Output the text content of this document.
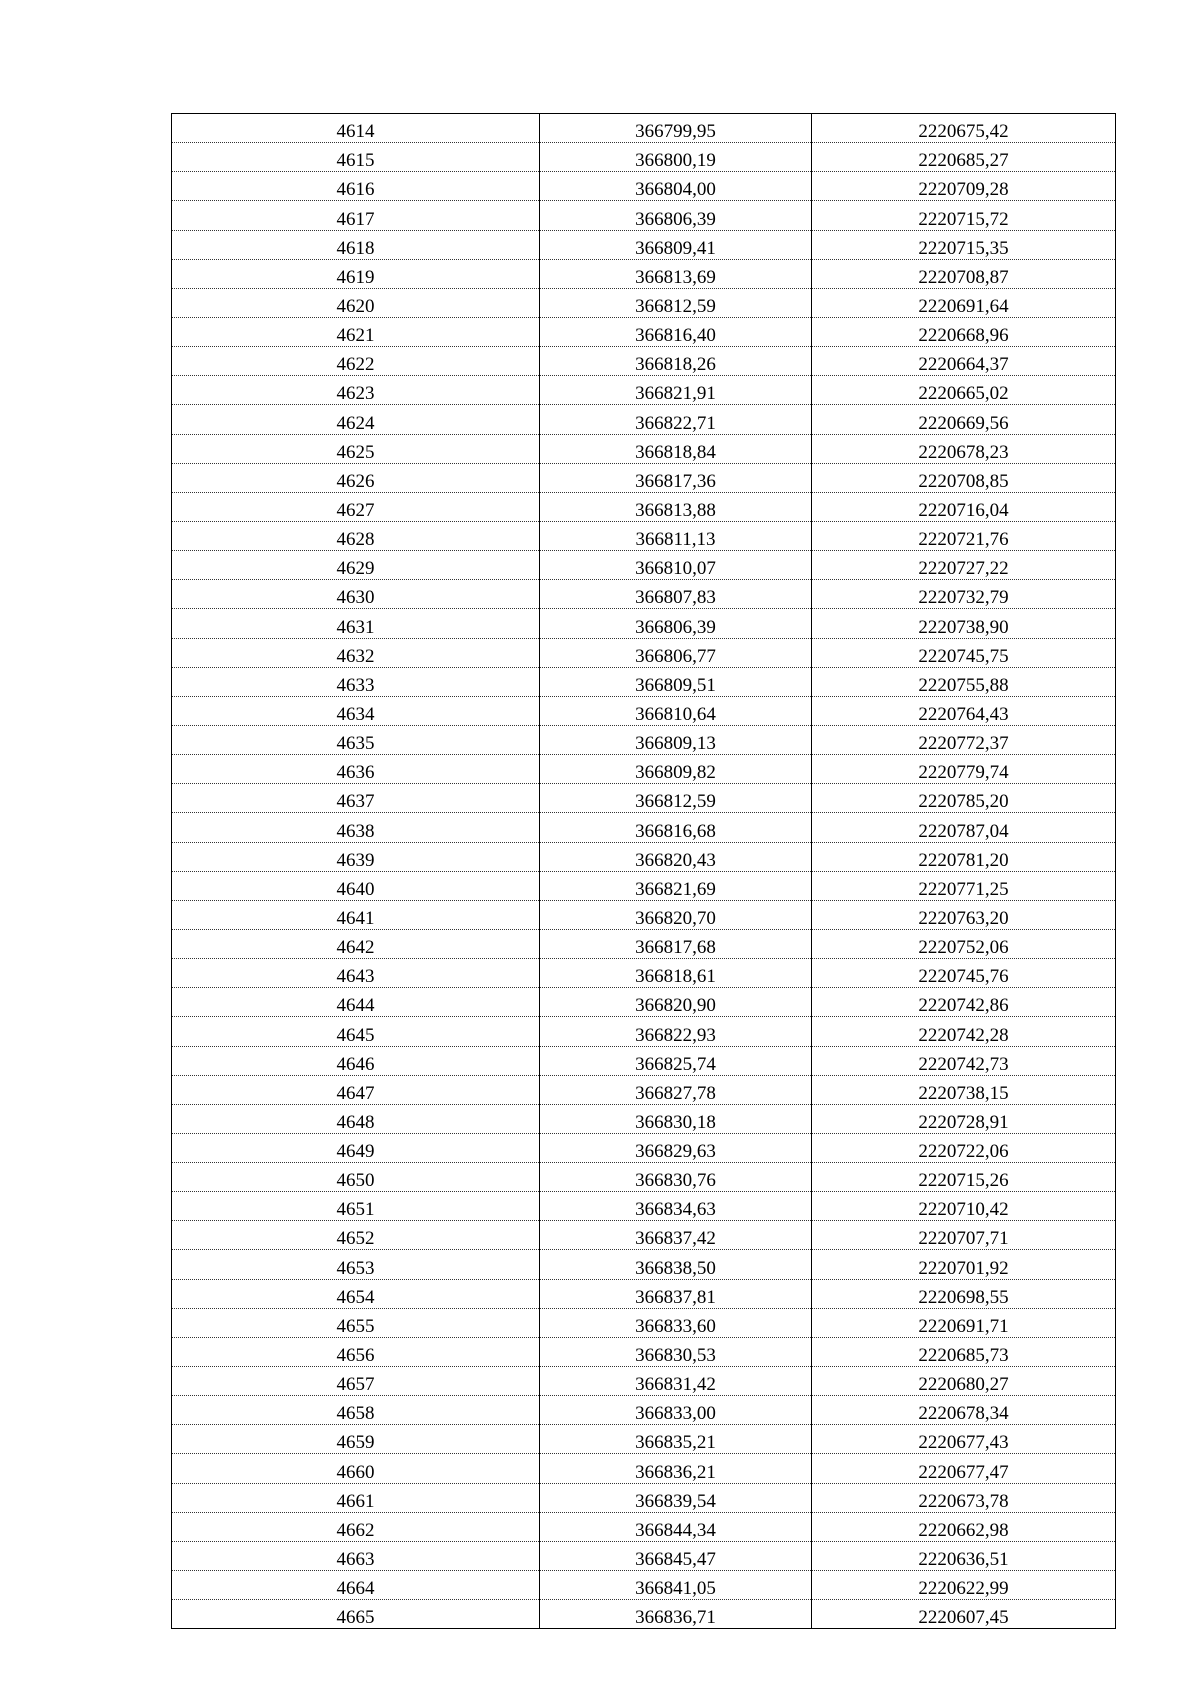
4614	366799,95	2220675,42
4615	366800,19	2220685,27
4616	366804,00	2220709,28
4617	366806,39	2220715,72
4618	366809,41	2220715,35
4619	366813,69	2220708,87
4620	366812,59	2220691,64
4621	366816,40	2220668,96
4622	366818,26	2220664,37
4623	366821,91	2220665,02
4624	366822,71	2220669,56
4625	366818,84	2220678,23
4626	366817,36	2220708,85
4627	366813,88	2220716,04
4628	366811,13	2220721,76
4629	366810,07	2220727,22
4630	366807,83	2220732,79
4631	366806,39	2220738,90
4632	366806,77	2220745,75
4633	366809,51	2220755,88
4634	366810,64	2220764,43
4635	366809,13	2220772,37
4636	366809,82	2220779,74
4637	366812,59	2220785,20
4638	366816,68	2220787,04
4639	366820,43	2220781,20
4640	366821,69	2220771,25
4641	366820,70	2220763,20
4642	366817,68	2220752,06
4643	366818,61	2220745,76
4644	366820,90	2220742,86
4645	366822,93	2220742,28
4646	366825,74	2220742,73
4647	366827,78	2220738,15
4648	366830,18	2220728,91
4649	366829,63	2220722,06
4650	366830,76	2220715,26
4651	366834,63	2220710,42
4652	366837,42	2220707,71
4653	366838,50	2220701,92
4654	366837,81	2220698,55
4655	366833,60	2220691,71
4656	366830,53	2220685,73
4657	366831,42	2220680,27
4658	366833,00	2220678,34
4659	366835,21	2220677,43
4660	366836,21	2220677,47
4661	366839,54	2220673,78
4662	366844,34	2220662,98
4663	366845,47	2220636,51
4664	366841,05	2220622,99
4665	366836,71	2220607,45
